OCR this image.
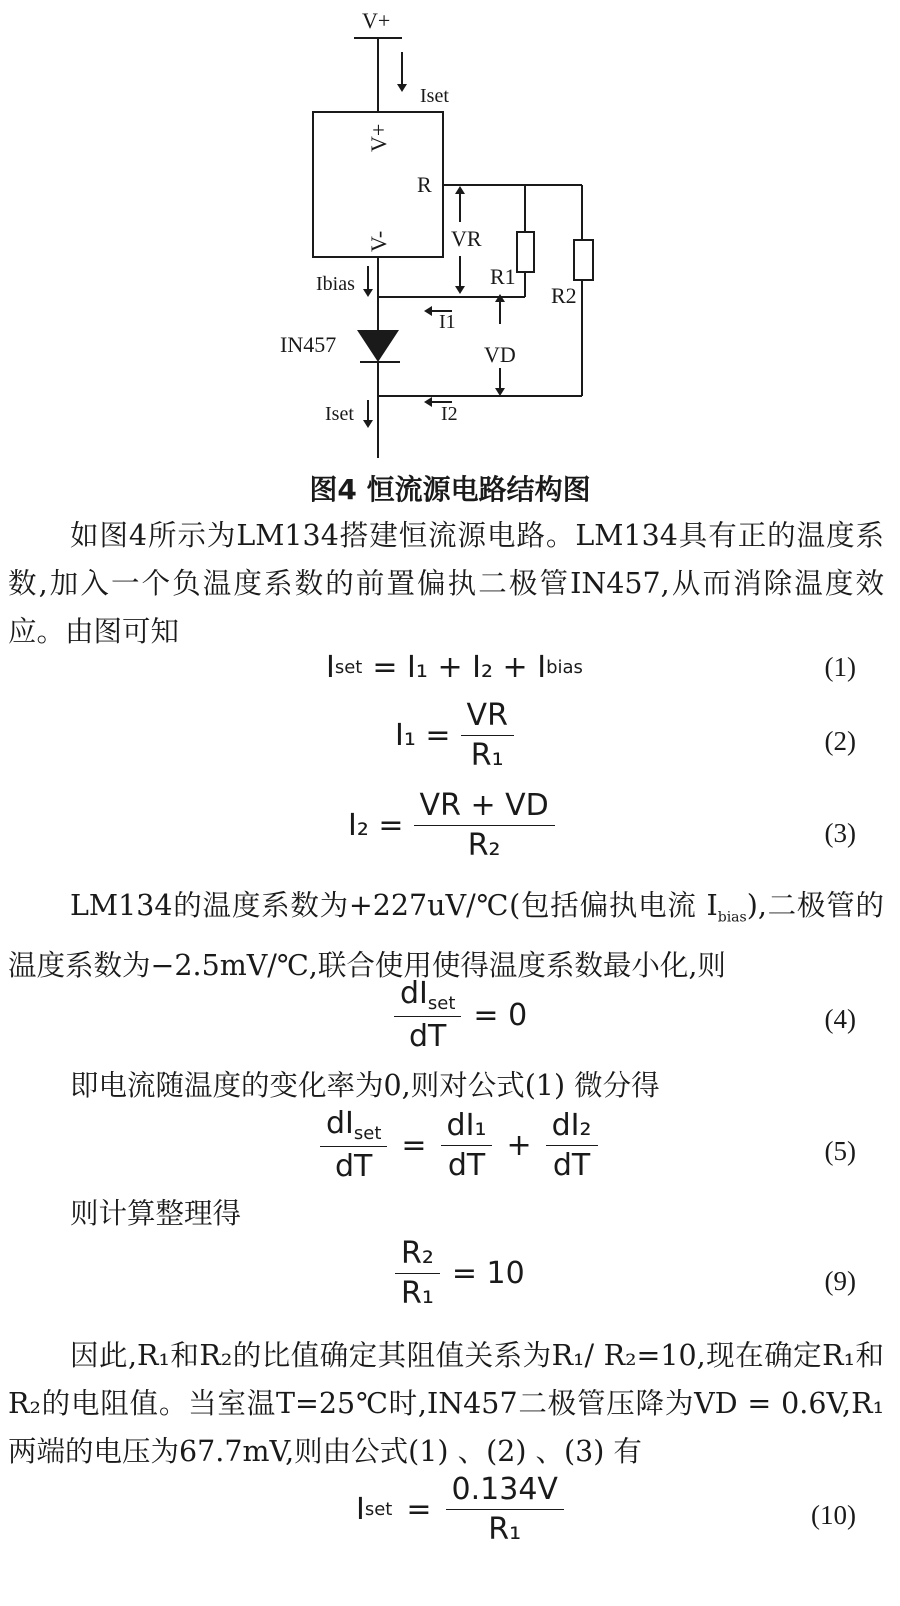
V+
Iset
V+
R
V-	VR
R1
R2
Ibias
I1
IN457	VD
Iset	I2
图4 恒流源电路结构图
如图4所示为LM134搭建恒流源电路。LM134具有正的温度系数,加入一个负温度系数的前置偏执二极管IN457,从而消除温度效应。由图可知
I set = I₁ + I₂ + I bias	(1)
$I_1 = \frac{VR}{\text{R₁}}$	(2)
$I_2 = \frac{VR + VD}{\text{R₂}}$	(3)
LM134的温度系数为+227uV/℃(包括偏执电流 $I_{bias}$),二极管的温度系数为−2.5mV/℃,联合使用使得温度系数最小化,则
$\frac{dI_{set}}{dT} = 0$	(4)
即电流随温度的变化率为0,则对公式(1) 微分得
$\frac{dI_{set}}{dT} = \frac{\text{dI₁}}{dT} + \frac{\text{dI₂}}{dT}$	(5)
则计算整理得
$\frac{\text{R₂}}{\text{R₁}} = 10$	(9)
因此,R₁和R₂的比值确定其阻值关系为R₁/ R₂=10,现在确定R₁和R₂的电阻值。当室温T=25℃时,IN457二极管压降为VD = 0.6V,R₁两端的电压为67.7mV,则由公式(1) 、(2) 、(3) 有
I set = $\frac{0.134V}{\text{R₁}}$	(10)
